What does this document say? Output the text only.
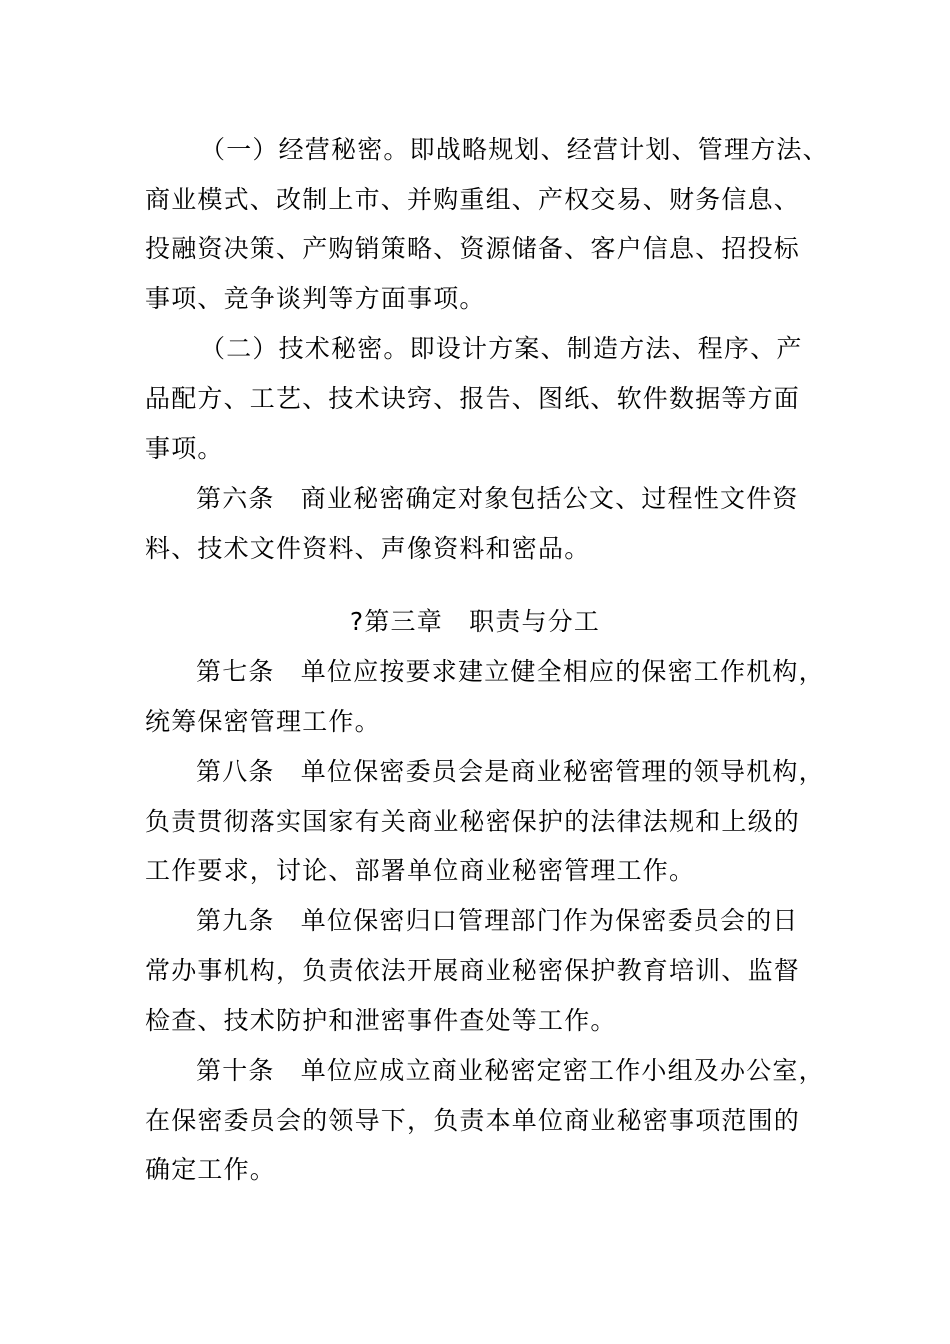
（一）经营秘密。即战略规划、经营计划、管理方法、
商业模式、改制上市、并购重组、产权交易、财务信息、
投融资决策、产购销策略、资源储备、客户信息、招投标
事项、竞争谈判等方面事项。
（二）技术秘密。即设计方案、制造方法、程序、产
品配方、工艺、技术诀窍、报告、图纸、软件数据等方面
事项。
第六条　商业秘密确定对象包括公文、过程性文件资
料、技术文件资料、声像资料和密品。
?第三章　职责与分工
第七条　单位应按要求建立健全相应的保密工作机构，
统筹保密管理工作。
第八条　单位保密委员会是商业秘密管理的领导机构，
负责贯彻落实国家有关商业秘密保护的法律法规和上级的
工作要求，讨论、部署单位商业秘密管理工作。
第九条　单位保密归口管理部门作为保密委员会的日
常办事机构，负责依法开展商业秘密保护教育培训、监督
检查、技术防护和泄密事件查处等工作。
第十条　单位应成立商业秘密定密工作小组及办公室，
在保密委员会的领导下，负责本单位商业秘密事项范围的
确定工作。
